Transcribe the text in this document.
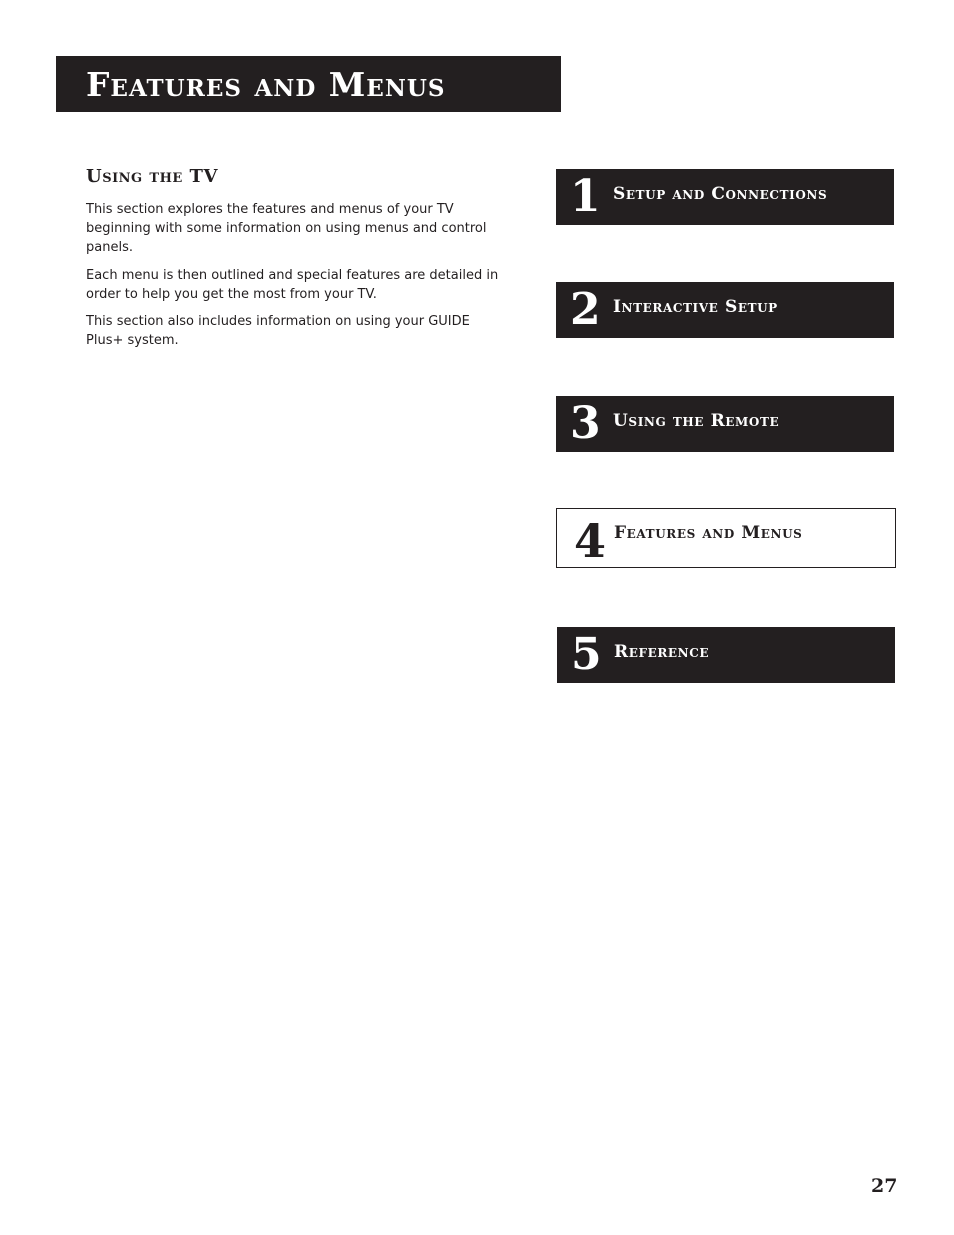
Features and Menus
Using the TV

This section explores the features and menus of your TV beginning with some information on using menus and control panels.

Each menu is then outlined and special features are detailed in order to help you get the most from your TV.

This section also includes information on using your GUIDE Plus+ system.

1 Setup and Connections
2 Interactive Setup
3 Using the Remote
4 Features and Menus
5 Reference
27
